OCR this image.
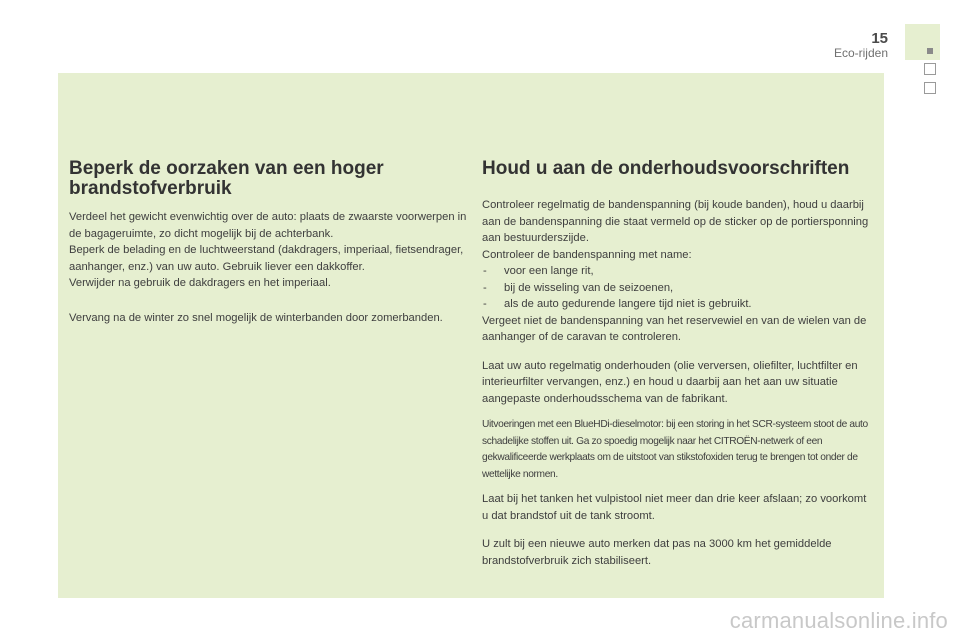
15
Eco-rijden
Beperk de oorzaken van een hoger
brandstofverbruik

Verdeel het gewicht evenwichtig over de auto: plaats de zwaarste voorwerpen in de bagageruimte, zo dicht mogelijk bij de achterbank.

Beperk de belading en de luchtweerstand (dakdragers, imperiaal, fietsendrager, aanhanger, enz.) van uw auto. Gebruik liever een dakkoffer.

Verwijder na gebruik de dakdragers en het imperiaal.

Vervang na de winter zo snel mogelijk de winterbanden door zomerbanden.

Houd u aan de onderhoudsvoorschriften

Controleer regelmatig de bandenspanning (bij koude banden), houd u daarbij aan de bandenspanning die staat vermeld op de sticker op de portiersponning aan bestuurderszijde.

Controleer de bandenspanning met name:

- voor een lange rit,
- bij de wisseling van de seizoenen,
- als de auto gedurende langere tijd niet is gebruikt.

Vergeet niet de bandenspanning van het reservewiel en van de wielen van de aanhanger of de caravan te controleren.

Laat uw auto regelmatig onderhouden (olie verversen, oliefilter, luchtfilter en interieurfilter vervangen, enz.) en houd u daarbij aan het aan uw situatie aangepaste onderhoudsschema van de fabrikant.

Uitvoeringen met een BlueHDi-dieselmotor: bij een storing in het SCR-systeem stoot de auto schadelijke stoffen uit. Ga zo spoedig mogelijk naar het CITROËN-netwerk of een gekwalificeerde werkplaats om de uitstoot van stikstofoxiden terug te brengen tot onder de wettelijke normen.

Laat bij het tanken het vulpistool niet meer dan drie keer afslaan; zo voorkomt u dat brandstof uit de tank stroomt.

U zult bij een nieuwe auto merken dat pas na 3000 km het gemiddelde brandstofverbruik zich stabiliseert.

carmanualsonline.info
